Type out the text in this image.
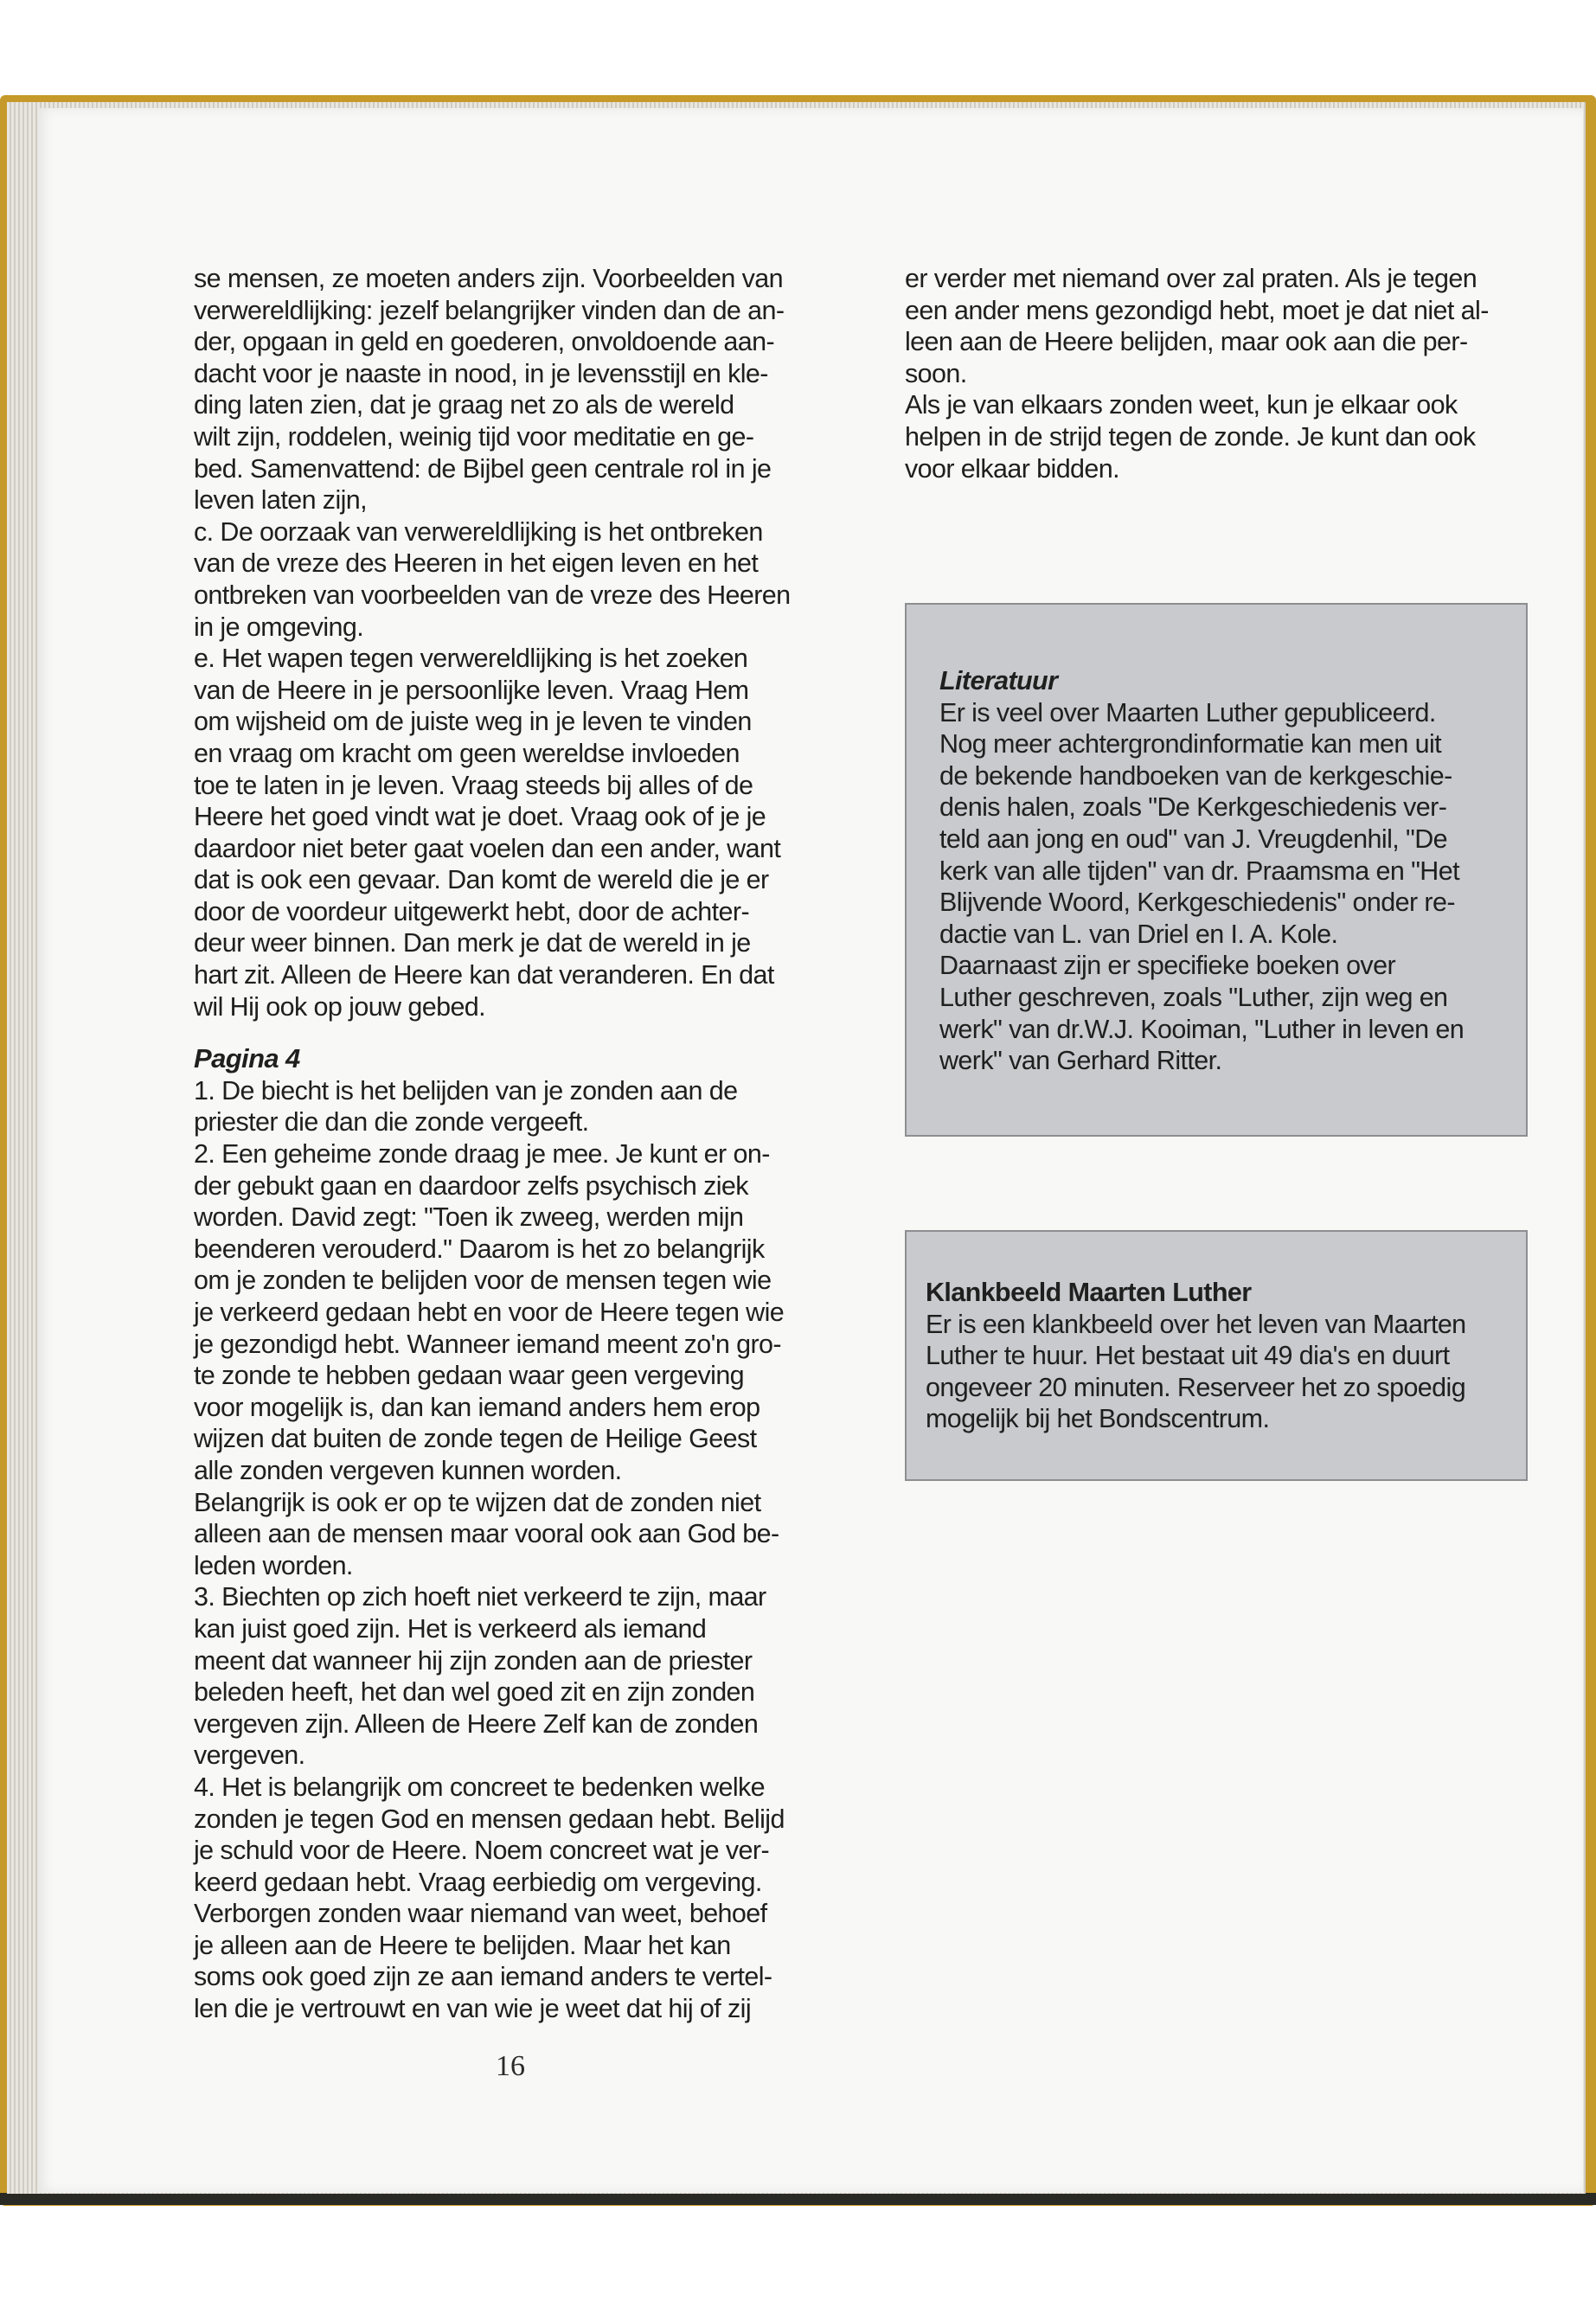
se mensen, ze moeten anders zijn. Voorbeelden van

verwereldlijking: jezelf belangrijker vinden dan de an-

der, opgaan in geld en goederen, onvoldoende aan-

dacht voor je naaste in nood, in je levensstijl en kle-

ding laten zien, dat je graag net zo als de wereld

wilt zijn, roddelen, weinig tijd voor meditatie en ge-

bed. Samenvattend: de Bijbel geen centrale rol in je

leven laten zijn,

c. De oorzaak van verwereldlijking is het ontbreken

van de vreze des Heeren in het eigen leven en het

ontbreken van voorbeelden van de vreze des Heeren

in je omgeving.

e. Het wapen tegen verwereldlijking is het zoeken

van de Heere in je persoonlijke leven. Vraag Hem

om wijsheid om de juiste weg in je leven te vinden

en vraag om kracht om geen wereldse invloeden

toe te laten in je leven. Vraag steeds bij alles of de

Heere het goed vindt wat je doet. Vraag ook of je je

daardoor niet beter gaat voelen dan een ander, want

dat is ook een gevaar. Dan komt de wereld die je er

door de voordeur uitgewerkt hebt, door de achter-

deur weer binnen. Dan merk je dat de wereld in je

hart zit. Alleen de Heere kan dat veranderen. En dat

wil Hij ook op jouw gebed.

Pagina 4

1. De biecht is het belijden van je zonden aan de

priester die dan die zonde vergeeft.

2. Een geheime zonde draag je mee. Je kunt er on-

der gebukt gaan en daardoor zelfs psychisch ziek

worden. David zegt: "Toen ik zweeg, werden mijn

beenderen verouderd." Daarom is het zo belangrijk

om je zonden te belijden voor de mensen tegen wie

je verkeerd gedaan hebt en voor de Heere tegen wie

je gezondigd hebt. Wanneer iemand meent zo'n gro-

te zonde te hebben gedaan waar geen vergeving

voor mogelijk is, dan kan iemand anders hem erop

wijzen dat buiten de zonde tegen de Heilige Geest

alle zonden vergeven kunnen worden.

Belangrijk is ook er op te wijzen dat de zonden niet

alleen aan de mensen maar vooral ook aan God be-

leden worden.

3. Biechten op zich hoeft niet verkeerd te zijn, maar

kan juist goed zijn. Het is verkeerd als iemand

meent dat wanneer hij zijn zonden aan de priester

beleden heeft, het dan wel goed zit en zijn zonden

vergeven zijn. Alleen de Heere Zelf kan de zonden

vergeven.

4. Het is belangrijk om concreet te bedenken welke

zonden je tegen God en mensen gedaan hebt. Belijd

je schuld voor de Heere. Noem concreet wat je ver-

keerd gedaan hebt. Vraag eerbiedig om vergeving.

Verborgen zonden waar niemand van weet, behoef

je alleen aan de Heere te belijden. Maar het kan

soms ook goed zijn ze aan iemand anders te vertel-

len die je vertrouwt en van wie je weet dat hij of zij

er verder met niemand over zal praten. Als je tegen

een ander mens gezondigd hebt, moet je dat niet al-

leen aan de Heere belijden, maar ook aan die per-

soon.

Als je van elkaars zonden weet, kun je elkaar ook

helpen in de strijd tegen de zonde. Je kunt dan ook

voor elkaar bidden.

Literatuur

Er is veel over Maarten Luther gepubliceerd.

Nog meer achtergrondinformatie kan men uit

de bekende handboeken van de kerkgeschie-

denis halen, zoals "De Kerkgeschiedenis ver-

teld aan jong en oud" van J. Vreugdenhil, "De

kerk van alle tijden" van dr. Praamsma en "Het

Blijvende Woord, Kerkgeschiedenis" onder re-

dactie van L. van Driel en I. A. Kole.

Daarnaast zijn er specifieke boeken over

Luther geschreven, zoals "Luther, zijn weg en

werk" van dr.W.J. Kooiman, "Luther in leven en

werk" van Gerhard Ritter.

Klankbeeld Maarten Luther

Er is een klankbeeld over het leven van Maarten

Luther te huur. Het bestaat uit 49 dia's en duurt

ongeveer 20 minuten. Reserveer het zo spoedig

mogelijk bij het Bondscentrum.

16
